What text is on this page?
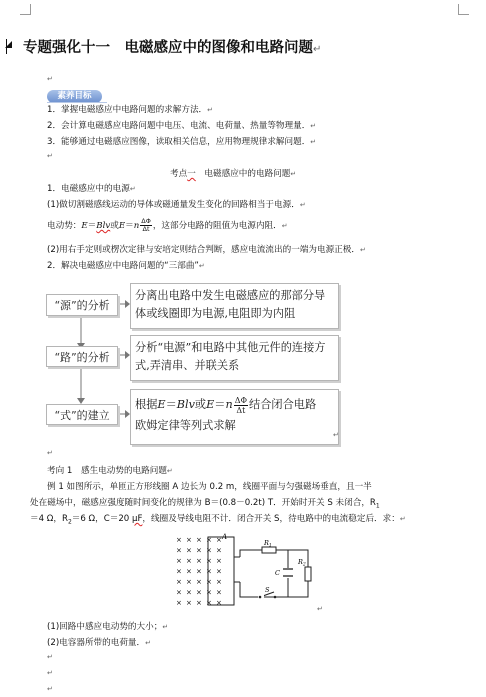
专题强化十一　电磁感应中的图像和电路问题↵
↵
素养目标
1．掌握电磁感应中电路问题的求解方法．↵
2．会计算电磁感应电路问题中电压、电流、电荷量、热量等物理量．↵
3．能够通过电磁感应图像，读取相关信息，应用物理规律求解问题．↵
↵
考点一　电磁感应中的电路问题↵
1．电磁感应中的电源↵
(1)做切割磁感线运动的导体或磁通量发生变化的回路相当于电源．↵
电动势：E＝Blv或$E=n \frac{\Delta\Phi}{\Delta t}$ ，这部分电路的阻值为电源内阻．↵
(2)用右手定则或楞次定律与安培定则结合判断，感应电流流出的一端为电源正极．↵
2．解决电磁感应中电路问题的“三部曲”↵
“源”的分析
分离出电路中发生电磁感应的那部分导
体或线圈即为电源,电阻即为内阻
“路”的分析
分析“电源”和电路中其他元件的连接方
式,弄清串、并联关系
“式”的建立
根据E＝Blv或$E=n \frac{\Delta\Phi}{\Delta t}$ 结合闭合电路
欧姆定律等列式求解
↵
↵
考向 1　感生电动势的电路问题↵
例 1 如图所示，单匝正方形线圈 A 边长为 0.2 m，线圈平面与匀强磁场垂直，且一半
处在磁场中，磁感应强度随时间变化的规律为 B＝(0.8－0.2t) T．开始时开关 S 未闭合，$R_1$
＝4 Ω，$R_2=6$ Ω，C＝20 μF，线圈及导线电阻不计．闭合开关 S，待电路中的电流稳定后．求：↵
× × × × ×
× × × × ×
× × × × ×
× × × × ×
× × × × ×
× × × × ×
× × × × ×
A
$R_1$
C
$R_2$
S
↵
(1)回路中感应电动势的大小；↵
(2)电容器所带的电荷量．↵
↵
↵
↵
